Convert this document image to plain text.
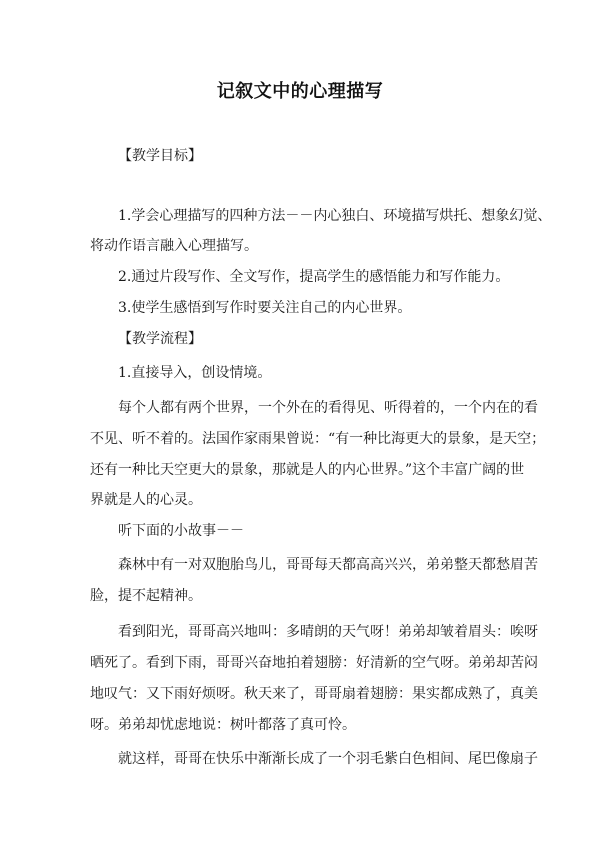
记叙文中的心理描写
【教学目标】
1.学会心理描写的四种方法－－内心独白、环境描写烘托、想象幻觉、
将动作语言融入心理描写。
2.通过片段写作、全文写作，提高学生的感悟能力和写作能力。
3.使学生感悟到写作时要关注自己的内心世界。
【教学流程】
1.直接导入，创设情境。
每个人都有两个世界，一个外在的看得见、听得着的，一个内在的看
不见、听不着的。法国作家雨果曾说：“有一种比海更大的景象，是天空；
还有一种比天空更大的景象，那就是人的内心世界。”这个丰富广阔的世
界就是人的心灵。
听下面的小故事－－
森林中有一对双胞胎鸟儿，哥哥每天都高高兴兴，弟弟整天都愁眉苦
脸，提不起精神。
看到阳光，哥哥高兴地叫：多晴朗的天气呀！弟弟却皱着眉头：唉呀
晒死了。看到下雨，哥哥兴奋地拍着翅膀：好清新的空气呀。弟弟却苦闷
地叹气：又下雨好烦呀。秋天来了，哥哥扇着翅膀：果实都成熟了，真美
呀。弟弟却忧虑地说：树叶都落了真可怜。
就这样，哥哥在快乐中渐渐长成了一个羽毛紫白色相间、尾巴像扇子
